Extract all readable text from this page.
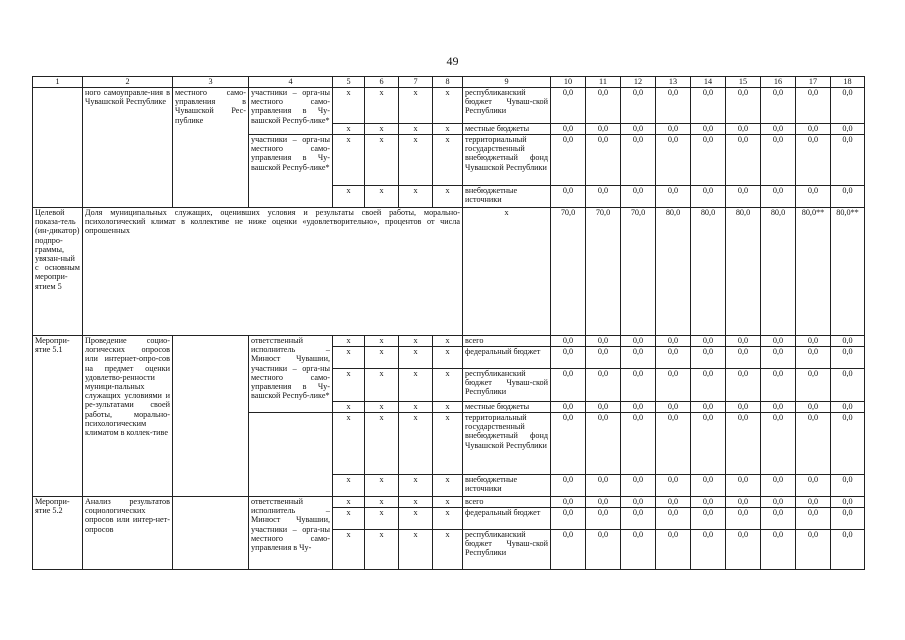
49
1	2	3	4	5	6	7	8	9	10	11	12	13	14	15	16	17	18
	ного самоуправле-ния в Чувашской Республике	местного само-управления в Чувашской Рес-публике	участники – орга-ны местного само-управления в Чу-вашской Респуб-лике*	х	х	х	х	республиканский бюджет Чуваш-ской Республики	0,0	0,0	0,0	0,0	0,0	0,0	0,0	0,0	0,0
				х	х	х	х	местные бюджеты	0,0	0,0	0,0	0,0	0,0	0,0	0,0	0,0	0,0
			участники – орга-ны местного само-управления в Чу-вашской Респуб-лике*	х	х	х	х	территориальный государственный внебюджетный фонд Чувашской Республики	0,0	0,0	0,0	0,0	0,0	0,0	0,0	0,0	0,0
				х	х	х	х	внебюджетные источники	0,0	0,0	0,0	0,0	0,0	0,0	0,0	0,0	0,0
Целевой показа-тель (ин-дикатор) подпро-граммы, увязан-ный с основным меропри-ятием 5	Доля муниципальных служащих, оценивших условия и результаты своей работы, морально-психологический климат в коллективе не ниже оценки «удовлетворительно», процентов от числа опрошенных							х	70,0	70,0	70,0	80,0	80,0	80,0	80,0	80,0**	80,0**
Меропри-ятие 5.1	Проведение социо-логических опросов или интернет-опро-сов на предмет оценки удовлетво-ренности муници-пальных служащих условиями и ре-зультатами своей работы, морально-психологическим климатом в коллек-тиве		ответственный исполнитель – Минюст Чувашии, участники – орга-ны местного само-управления в Чу-вашской Респуб-лике*	х	х	х	х	всего	0,0	0,0	0,0	0,0	0,0	0,0	0,0	0,0	0,0
				х	х	х	х	федеральный бюджет	0,0	0,0	0,0	0,0	0,0	0,0	0,0	0,0	0,0
				х	х	х	х	республиканский бюджет Чуваш-ской Республики	0,0	0,0	0,0	0,0	0,0	0,0	0,0	0,0	0,0
				х	х	х	х	местные бюджеты	0,0	0,0	0,0	0,0	0,0	0,0	0,0	0,0	0,0
				х	х	х	х	территориальный государственный внебюджетный фонд Чувашской Республики	0,0	0,0	0,0	0,0	0,0	0,0	0,0	0,0	0,0
				х	х	х	х	внебюджетные источники	0,0	0,0	0,0	0,0	0,0	0,0	0,0	0,0	0,0
Меропри-ятие 5.2	Анализ результатов социологических опросов или интер-нет-опросов		ответственный исполнитель – Минюст Чувашии, участники – орга-ны местного само-управления в Чу-	х	х	х	х	всего	0,0	0,0	0,0	0,0	0,0	0,0	0,0	0,0	0,0
				х	х	х	х	федеральный бюджет	0,0	0,0	0,0	0,0	0,0	0,0	0,0	0,0	0,0
				х	х	х	х	республиканский бюджет Чуваш-ской Республики	0,0	0,0	0,0	0,0	0,0	0,0	0,0	0,0	0,0
